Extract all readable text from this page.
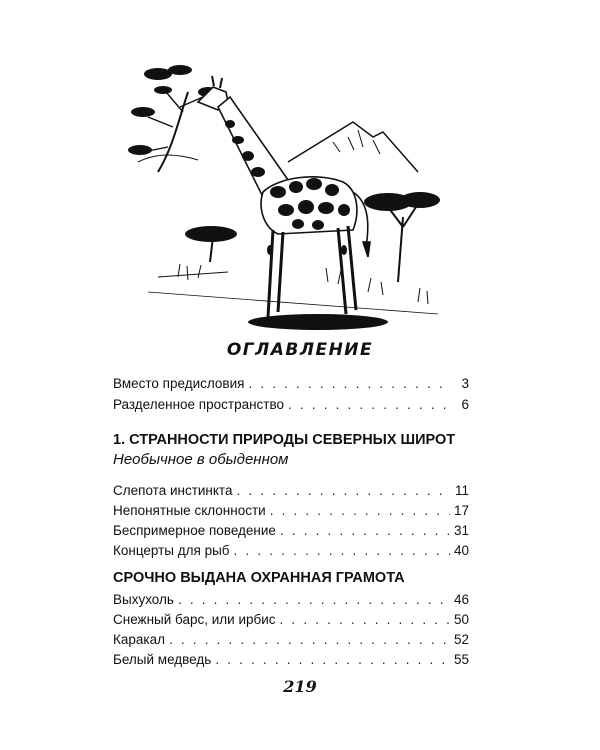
ОГЛАВЛЕНИЕ
Вместо предисловия . . .	3
Разделенное пространство . . .	6
1. СТРАННОСТИ ПРИРОДЫ СЕВЕРНЫХ ШИРОТ
Необычное в обыденном
Слепота инстинкта . . .	11
Непонятные склонности . . .	17
Беспримерное поведение . . .	31
Концерты для рыб . . .	40
СРОЧНО ВЫДАНА ОХРАННАЯ ГРАМОТА
Выхухоль . . .	46
Снежный барс, или ирбис . . .	50
Каракал . . .	52
Белый медведь . . .	55
219
